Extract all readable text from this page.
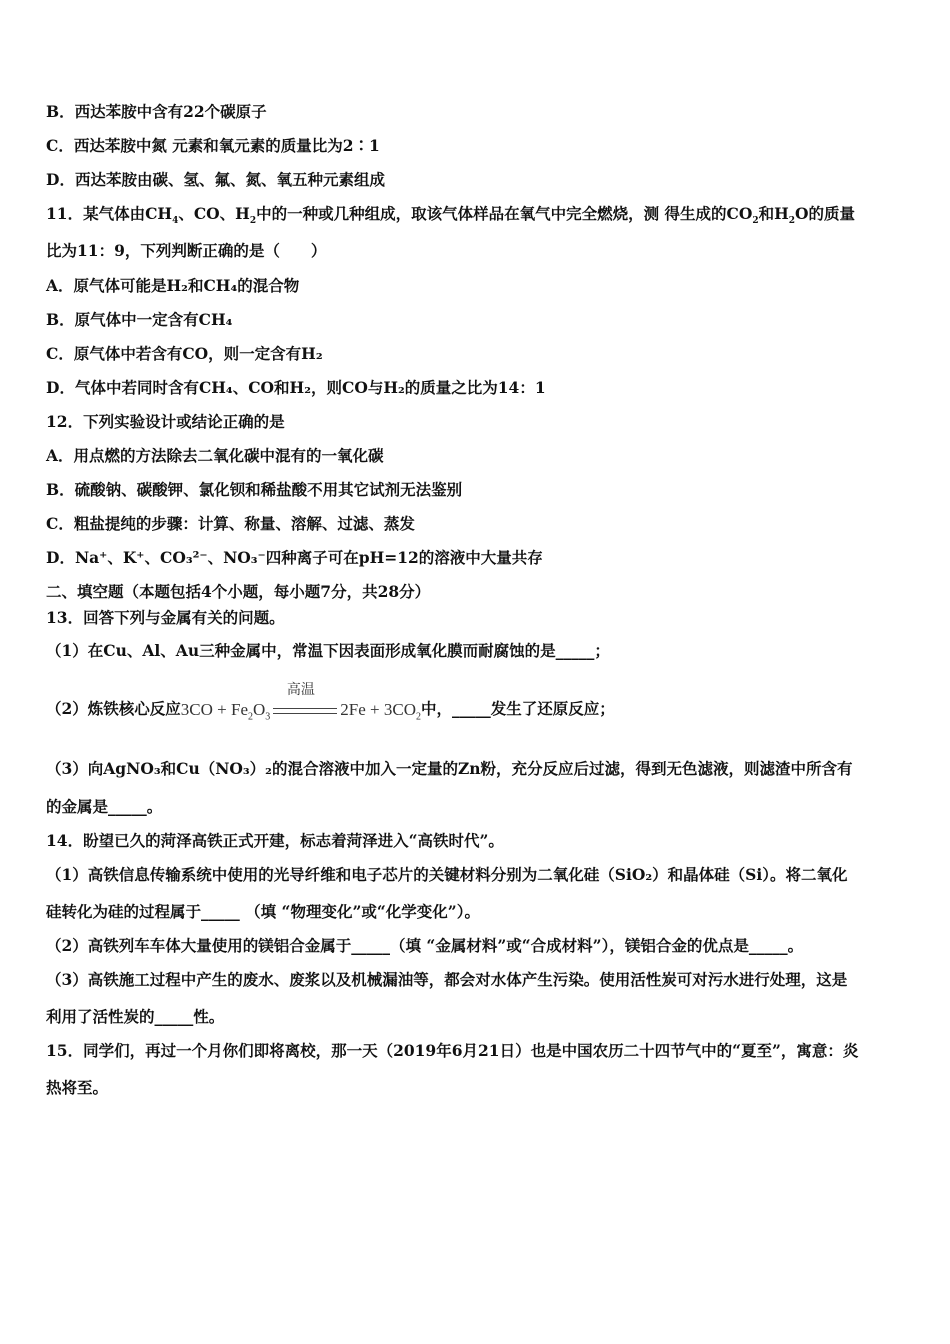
B．西达苯胺中含有22个碳原子
C．西达苯胺中氮 元素和氧元素的质量比为2∶1
D．西达苯胺由碳、氢、氟、氮、氧五种元素组成
11．某气体由$CH_4$、CO、$H_2$中的一种或几种组成，取该气体样品在氧气中完全燃烧，测 得生成的$CO_2$和$H_2O$的质量
比为11：9，下列判断正确的是（　　）
A．原气体可能是H₂和CH₄的混合物
B．原气体中一定含有CH₄
C．原气体中若含有CO，则一定含有H₂
D．气体中若同时含有CH₄、CO和H₂，则CO与H₂的质量之比为14：1
12．下列实验设计或结论正确的是
A．用点燃的方法除去二氧化碳中混有的一氧化碳
B．硫酸钠、碳酸钾、氯化钡和稀盐酸不用其它试剂无法鉴别
C．粗盐提纯的步骤：计算、称量、溶解、过滤、蒸发
D．Na⁺、K⁺、CO₃²⁻、NO₃⁻四种离子可在pH=12的溶液中大量共存
二、填空题（本题包括4个小题，每小题7分，共28分）
13．回答下列与金属有关的问题。
（1）在Cu、Al、Au三种金属中，常温下因表面形成氧化膜而耐腐蚀的是_____；
（2）炼铁核心反应$3CO + Fe_2O_3$
高温
$2Fe + 3CO_2$中，_____发生了还原反应；
（3）向AgNO₃和Cu（NO₃）₂的混合溶液中加入一定量的Zn粉，充分反应后过滤，得到无色滤液，则滤渣中所含有
的金属是_____。
14．盼望已久的菏泽高铁正式开建，标志着菏泽进入“高铁时代”。
（1）高铁信息传输系统中使用的光导纤维和电子芯片的关键材料分别为二氧化硅（SiO₂）和晶体硅（Si）。将二氧化
硅转化为硅的过程属于_____ （填 “物理变化”或“化学变化”）。
（2）高铁列车车体大量使用的镁铝合金属于_____（填 “金属材料”或“合成材料”），镁铝合金的优点是_____。
（3）高铁施工过程中产生的废水、废浆以及机械漏油等，都会对水体产生污染。使用活性炭可对污水进行处理，这是
利用了活性炭的_____性。
15．同学们，再过一个月你们即将离校，那一天（2019年6月21日）也是中国农历二十四节气中的“夏至”，寓意：炎
热将至。
